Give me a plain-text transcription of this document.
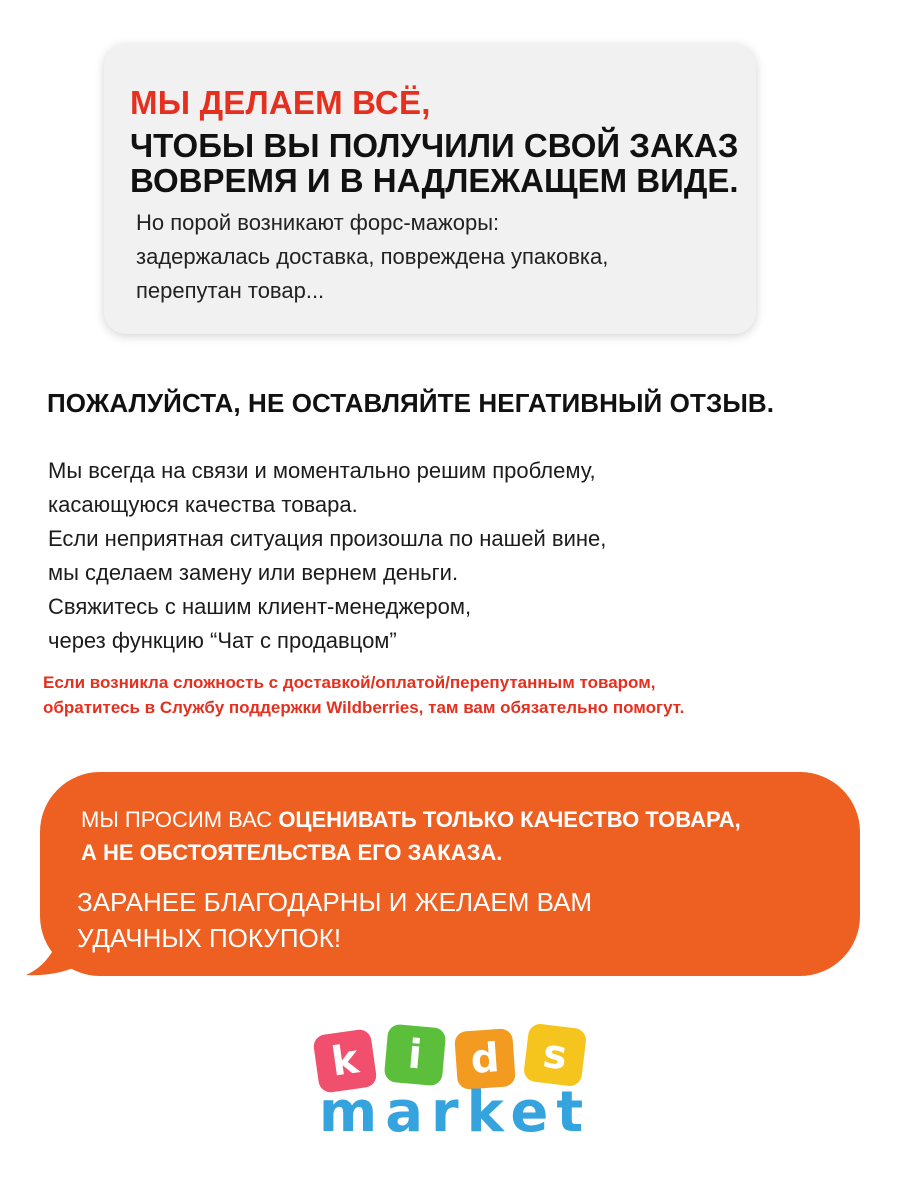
МЫ ДЕЛАЕМ ВСЁ,
ЧТОБЫ ВЫ ПОЛУЧИЛИ СВОЙ ЗАКАЗ
ВОВРЕМЯ И В НАДЛЕЖАЩЕМ ВИДЕ.
Но порой возникают форс-мажоры:
задержалась доставка, повреждена упаковка,
перепутан товар...
ПОЖАЛУЙСТА, НЕ ОСТАВЛЯЙТЕ НЕГАТИВНЫЙ ОТЗЫВ.
Мы всегда на связи и моментально решим проблему,
касающуюся качества товара.
Если неприятная ситуация произошла по нашей вине,
мы сделаем замену или вернем деньги.
Свяжитесь с нашим клиент-менеджером,
через функцию “Чат с продавцом”
Если возникла сложность с доставкой/оплатой/перепутанным товаром,
обратитесь в Службу поддержки Wildberries, там вам обязательно помогут.
МЫ ПРОСИМ ВАС ОЦЕНИВАТЬ ТОЛЬКО КАЧЕСТВО ТОВАРА,
А НЕ ОБСТОЯТЕЛЬСТВА ЕГО ЗАКАЗА.
ЗАРАНЕЕ БЛАГОДАРНЫ И ЖЕЛАЕМ ВАМ
УДАЧНЫХ ПОКУПОК!
k i d s
market
